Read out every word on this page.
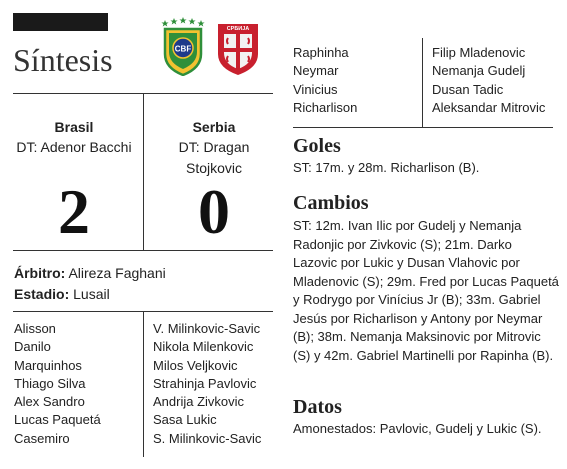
Síntesis	CBF
СРБИЈА
Brasil
DT: Adenor Bacchi
Serbia
DT: Dragan Stojkovic
2	0
Árbitro: Alireza Faghani
Estadio: Lusail
Alisson
Danilo
Marquinhos
Thiago Silva
Alex Sandro
Lucas Paquetá
Casemiro
V. Milinkovic-Savic
Nikola Milenkovic
Milos Veljkovic
Strahinja Pavlovic
Andrija Zivkovic
Sasa Lukic
S. Milinkovic-Savic
Raphinha
Neymar
Vinicius
Richarlison
Filip Mladenovic
Nemanja Gudelj
Dusan Tadic
Aleksandar Mitrovic
Goles
ST: 17m. y 28m. Richarlison (B).
Cambios
ST: 12m. Ivan Ilic por Gudelj y Nemanja Radonjic por Zivkovic (S); 21m. Darko Lazovic por Lukic y Dusan Vlahovic por Mladenovic (S); 29m. Fred por Lucas Paquetá y Rodrygo por Vinícius Jr (B); 33m. Gabriel Jesús por Richarlison y Antony por Neymar (B); 38m. Nemanja Maksinovic por Mitrovic (S) y 42m. Gabriel Martinelli por Rapinha (B).
Datos
Amonestados: Pavlovic, Gudelj y Lukic (S).
